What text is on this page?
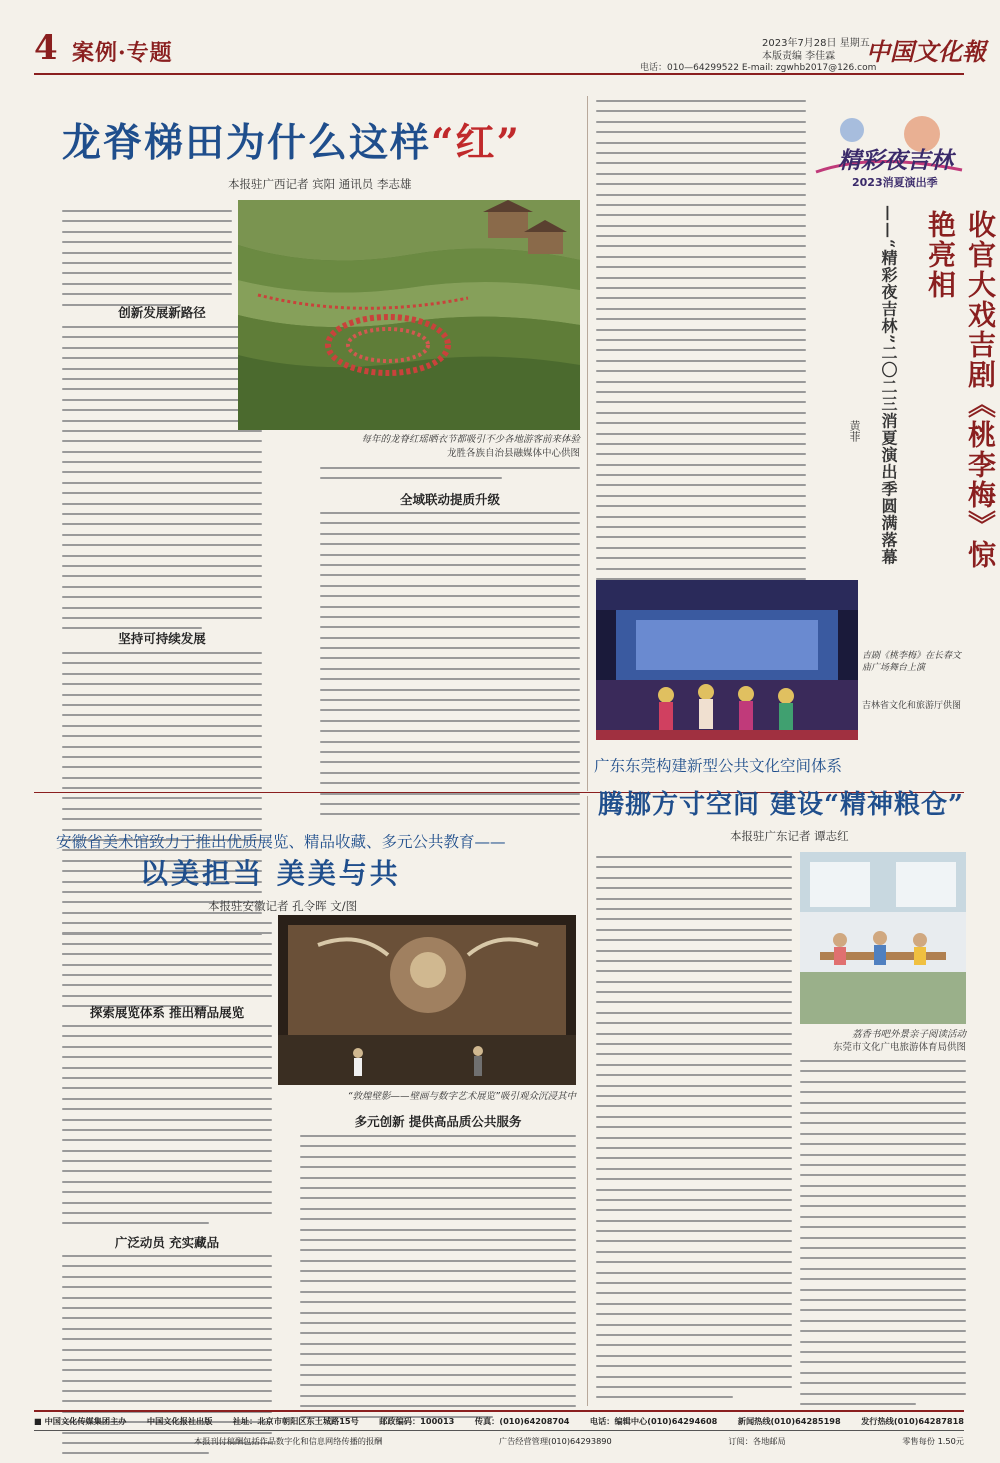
4 案例·专题	2023年7月28日 星期五
本版责编 李佳霖
电话：010—64299522 E-mail: zgwhb2017@126.com
中国文化報
龙脊梯田为什么这样“红”
本报驻广西记者 宾阳 通讯员 李志雄
创新发展新路径
坚持可持续发展
每年的龙脊红瑶晒衣节都吸引不少各地游客前来体验
龙胜各族自治县融媒体中心供图
全域联动提质升级
精彩夜吉林
2023消夏演出季
收官大戏吉剧《桃李梅》惊艳亮相
——“精彩夜吉林”二〇二三消夏演出季圆满落幕
黄菲
吉剧《桃李梅》在长春文庙广场舞台上演
吉林省文化和旅游厅供图
安徽省美术馆致力于推出优质展览、精品收藏、多元公共教育——
以美担当 美美与共
本报驻安徽记者 孔令晖 文/图
探索展览体系 推出精品展览
广泛动员 充实藏品
“敦煌壁影——壁画与数字艺术展览”吸引观众沉浸其中
多元创新 提供高品质公共服务
广东东莞构建新型公共文化空间体系
腾挪方寸空间 建设“精神粮仓”
本报驻广东记者 谭志红
荔香书吧外景亲子阅读活动
东莞市文化广电旅游体育局供图
■ 中国文化传媒集团主办 中国文化报社出版 社址：北京市朝阳区东土城路15号 邮政编码：100013 传真：(010)64208704 电话：编辑中心(010)64294608 新闻热线(010)64285198 发行热线(010)64287818
本报刊付稿酬包括作品数字化和信息网络传播的报酬	广告经营管理(010)64293890	订阅：各地邮局	零售每份 1.50元
